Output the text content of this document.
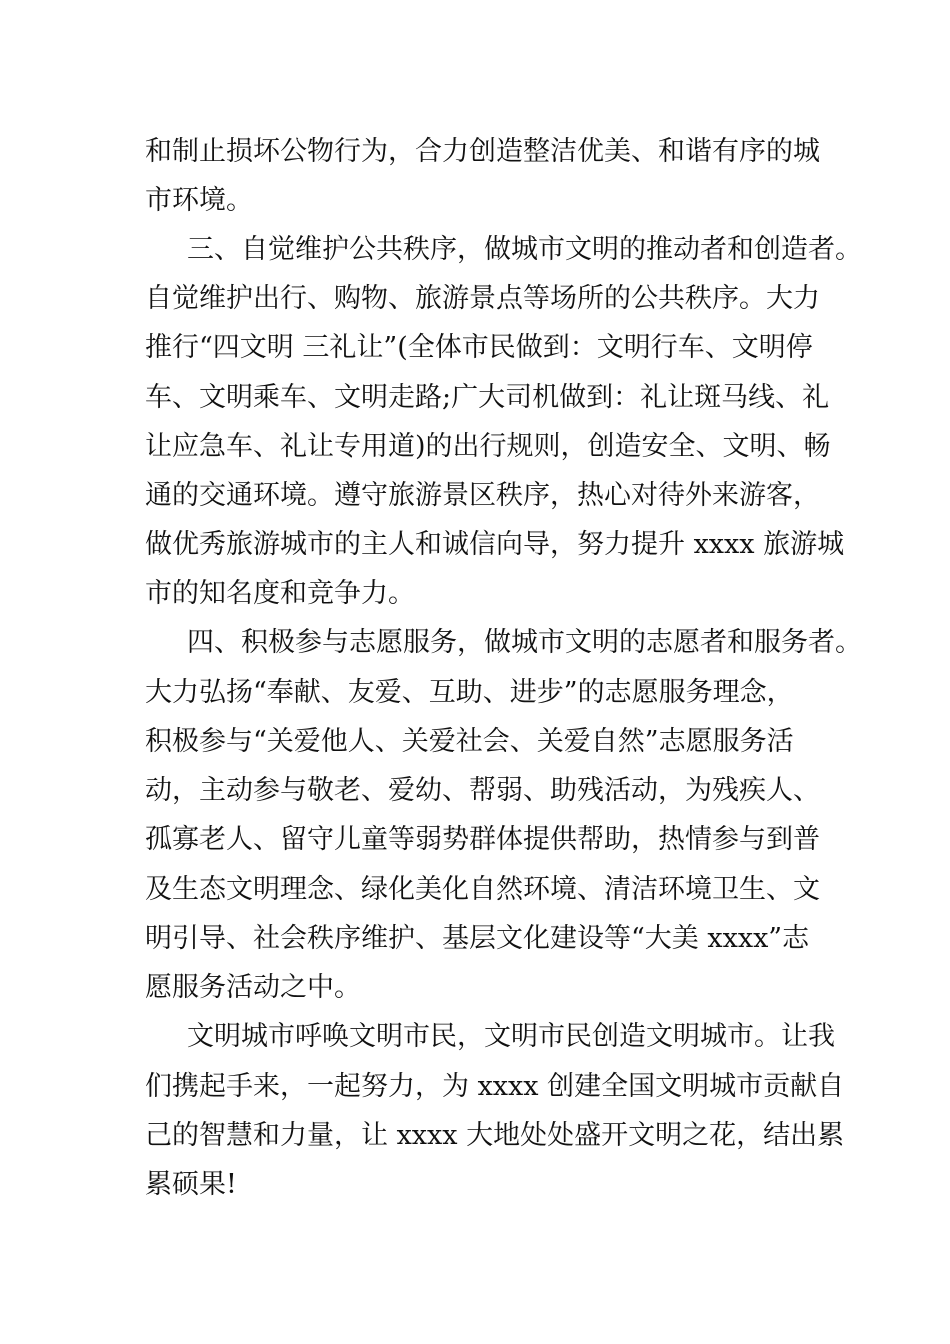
和制止损坏公物行为，合力创造整洁优美、和谐有序的城
市环境。
三、自觉维护公共秩序，做城市文明的推动者和创造者。
自觉维护出行、购物、旅游景点等场所的公共秩序。大力
推行“四文明 三礼让”(全体市民做到：文明行车、文明停
车、文明乘车、文明走路;广大司机做到：礼让斑马线、礼
让应急车、礼让专用道)的出行规则，创造安全、文明、畅
通的交通环境。遵守旅游景区秩序，热心对待外来游客，
做优秀旅游城市的主人和诚信向导，努力提升 xxxx 旅游城
市的知名度和竞争力。
四、积极参与志愿服务，做城市文明的志愿者和服务者。
大力弘扬“奉献、友爱、互助、进步”的志愿服务理念，
积极参与“关爱他人、关爱社会、关爱自然”志愿服务活
动，主动参与敬老、爱幼、帮弱、助残活动，为残疾人、
孤寡老人、留守儿童等弱势群体提供帮助，热情参与到普
及生态文明理念、绿化美化自然环境、清洁环境卫生、文
明引导、社会秩序维护、基层文化建设等“大美 xxxx”志
愿服务活动之中。
文明城市呼唤文明市民，文明市民创造文明城市。让我
们携起手来，一起努力，为 xxxx 创建全国文明城市贡献自
己的智慧和力量，让 xxxx 大地处处盛开文明之花，结出累
累硕果!
